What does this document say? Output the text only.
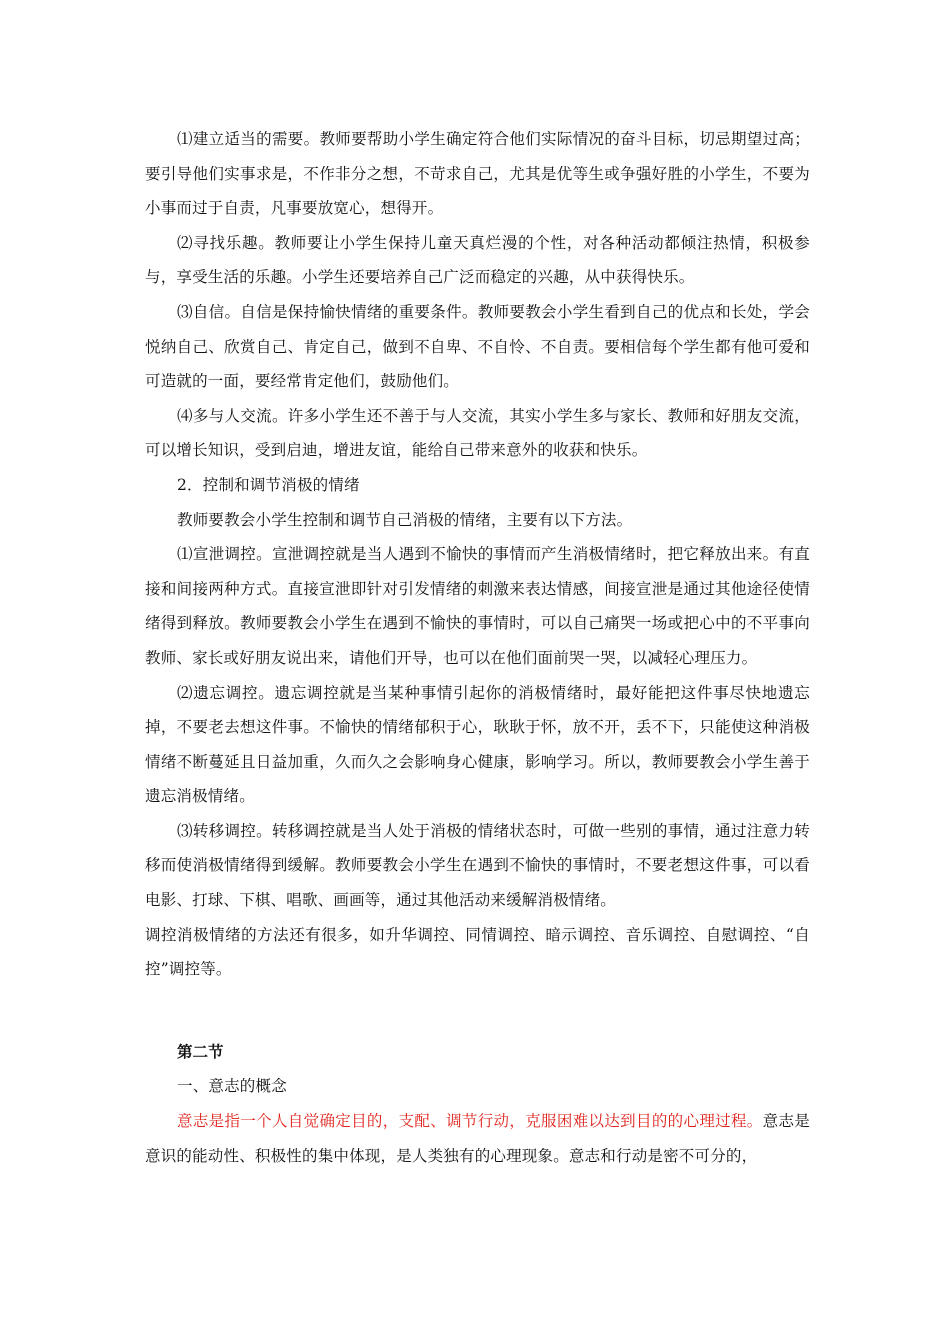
⑴建立适当的需要。教师要帮助小学生确定符合他们实际情况的奋斗目标，切忌期望过高；要引导他们实事求是，不作非分之想，不苛求自己，尤其是优等生或争强好胜的小学生，不要为小事而过于自责，凡事要放宽心，想得开。

⑵寻找乐趣。教师要让小学生保持儿童天真烂漫的个性，对各种活动都倾注热情，积极参与，享受生活的乐趣。小学生还要培养自己广泛而稳定的兴趣，从中获得快乐。

⑶自信。自信是保持愉快情绪的重要条件。教师要教会小学生看到自己的优点和长处，学会悦纳自己、欣赏自己、肯定自己，做到不自卑、不自怜、不自责。要相信每个学生都有他可爱和可造就的一面，要经常肯定他们，鼓励他们。

⑷多与人交流。许多小学生还不善于与人交流，其实小学生多与家长、教师和好朋友交流，可以增长知识，受到启迪，增进友谊，能给自己带来意外的收获和快乐。

2．控制和调节消极的情绪

教师要教会小学生控制和调节自己消极的情绪，主要有以下方法。

⑴宣泄调控。宣泄调控就是当人遇到不愉快的事情而产生消极情绪时，把它释放出来。有直接和间接两种方式。直接宣泄即针对引发情绪的刺激来表达情感，间接宣泄是通过其他途径使情绪得到释放。教师要教会小学生在遇到不愉快的事情时，可以自己痛哭一场或把心中的不平事向教师、家长或好朋友说出来，请他们开导，也可以在他们面前哭一哭，以减轻心理压力。

⑵遗忘调控。遗忘调控就是当某种事情引起你的消极情绪时，最好能把这件事尽快地遗忘掉，不要老去想这件事。不愉快的情绪郁积于心，耿耿于怀，放不开，丢不下，只能使这种消极情绪不断蔓延且日益加重，久而久之会影响身心健康，影响学习。所以，教师要教会小学生善于遗忘消极情绪。

⑶转移调控。转移调控就是当人处于消极的情绪状态时，可做一些别的事情，通过注意力转移而使消极情绪得到缓解。教师要教会小学生在遇到不愉快的事情时，不要老想这件事，可以看电影、打球、下棋、唱歌、画画等，通过其他活动来缓解消极情绪。

调控消极情绪的方法还有很多，如升华调控、同情调控、暗示调控、音乐调控、自慰调控、“自控”调控等。

第二节

一、意志的概念

意志是指一个人自觉确定目的，支配、调节行动，克服困难以达到目的的心理过程。意志是意识的能动性、积极性的集中体现，是人类独有的心理现象。意志和行动是密不可分的，
